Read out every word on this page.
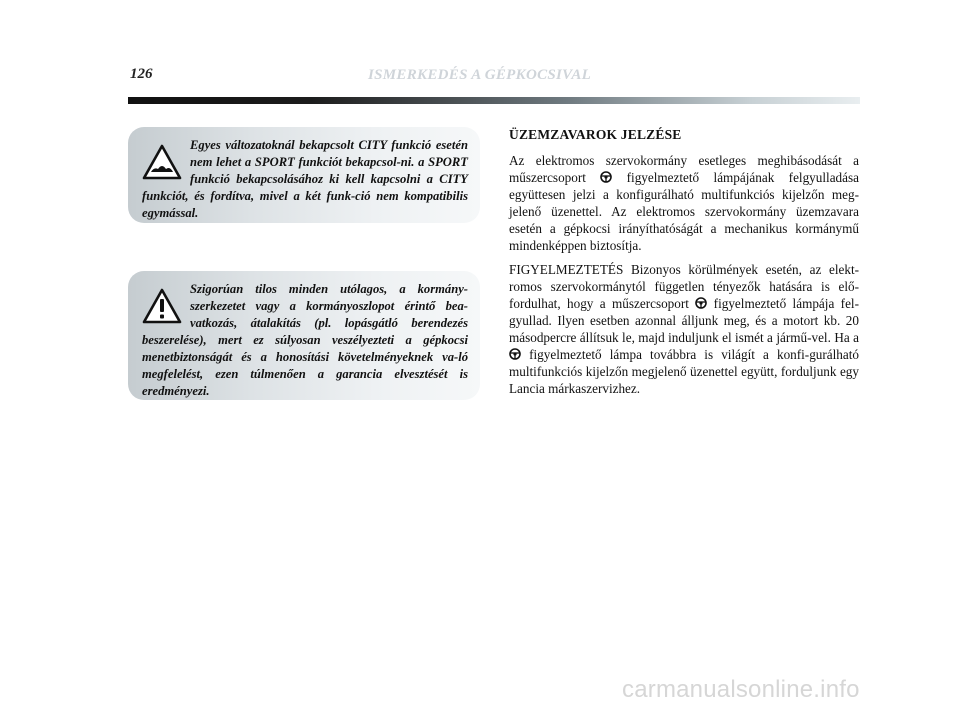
126	ISMERKEDÉS A GÉPKOCSIVAL
Egyes változatoknál bekapcsolt CITY funkció esetén nem lehet a SPORT funkciót bekapcsol-ni. a SPORT funkció bekapcsolásához ki kell kapcsolni a CITY funkciót, és fordítva, mivel a két funk-ció nem kompatibilis egymással.
Szigorúan tilos minden utólagos, a kormány-szerkezetet vagy a kormányoszlopot érintő bea-vatkozás, átalakítás (pl. lopásgátló berendezés beszerelése), mert ez súlyosan veszélyezteti a gépkocsi menetbiztonságát és a honosítási követelményeknek va-ló megfelelést, ezen túlmenően a garancia elvesztését is eredményezi.
ÜZEMZAVAROK JELZÉSE

Az elektromos szervokormány esetleges meghibásodását a műszercsoport  figyelmeztető lámpájának felgyulladása együttesen jelzi a konfigurálható multifunkciós kijelzőn meg-jelenő üzenettel. Az elektromos szervokormány üzemzavara esetén a gépkocsi irányíthatóságát a mechanikus kormánymű mindenképpen biztosítja.

FIGYELMEZTETÉS Bizonyos körülmények esetén, az elekt-romos szervokormánytól független tényezők hatására is elő-fordulhat, hogy a műszercsoport  figyelmeztető lámpája fel-gyullad. Ilyen esetben azonnal álljunk meg, és a motort kb. 20 másodpercre állítsuk le, majd induljunk el ismét a jármű-vel. Ha a  figyelmeztető lámpa továbbra is világít a konfi-gurálható multifunkciós kijelzőn megjelenő üzenettel együtt, forduljunk egy Lancia márkaszervizhez.

carmanualsonline.info
